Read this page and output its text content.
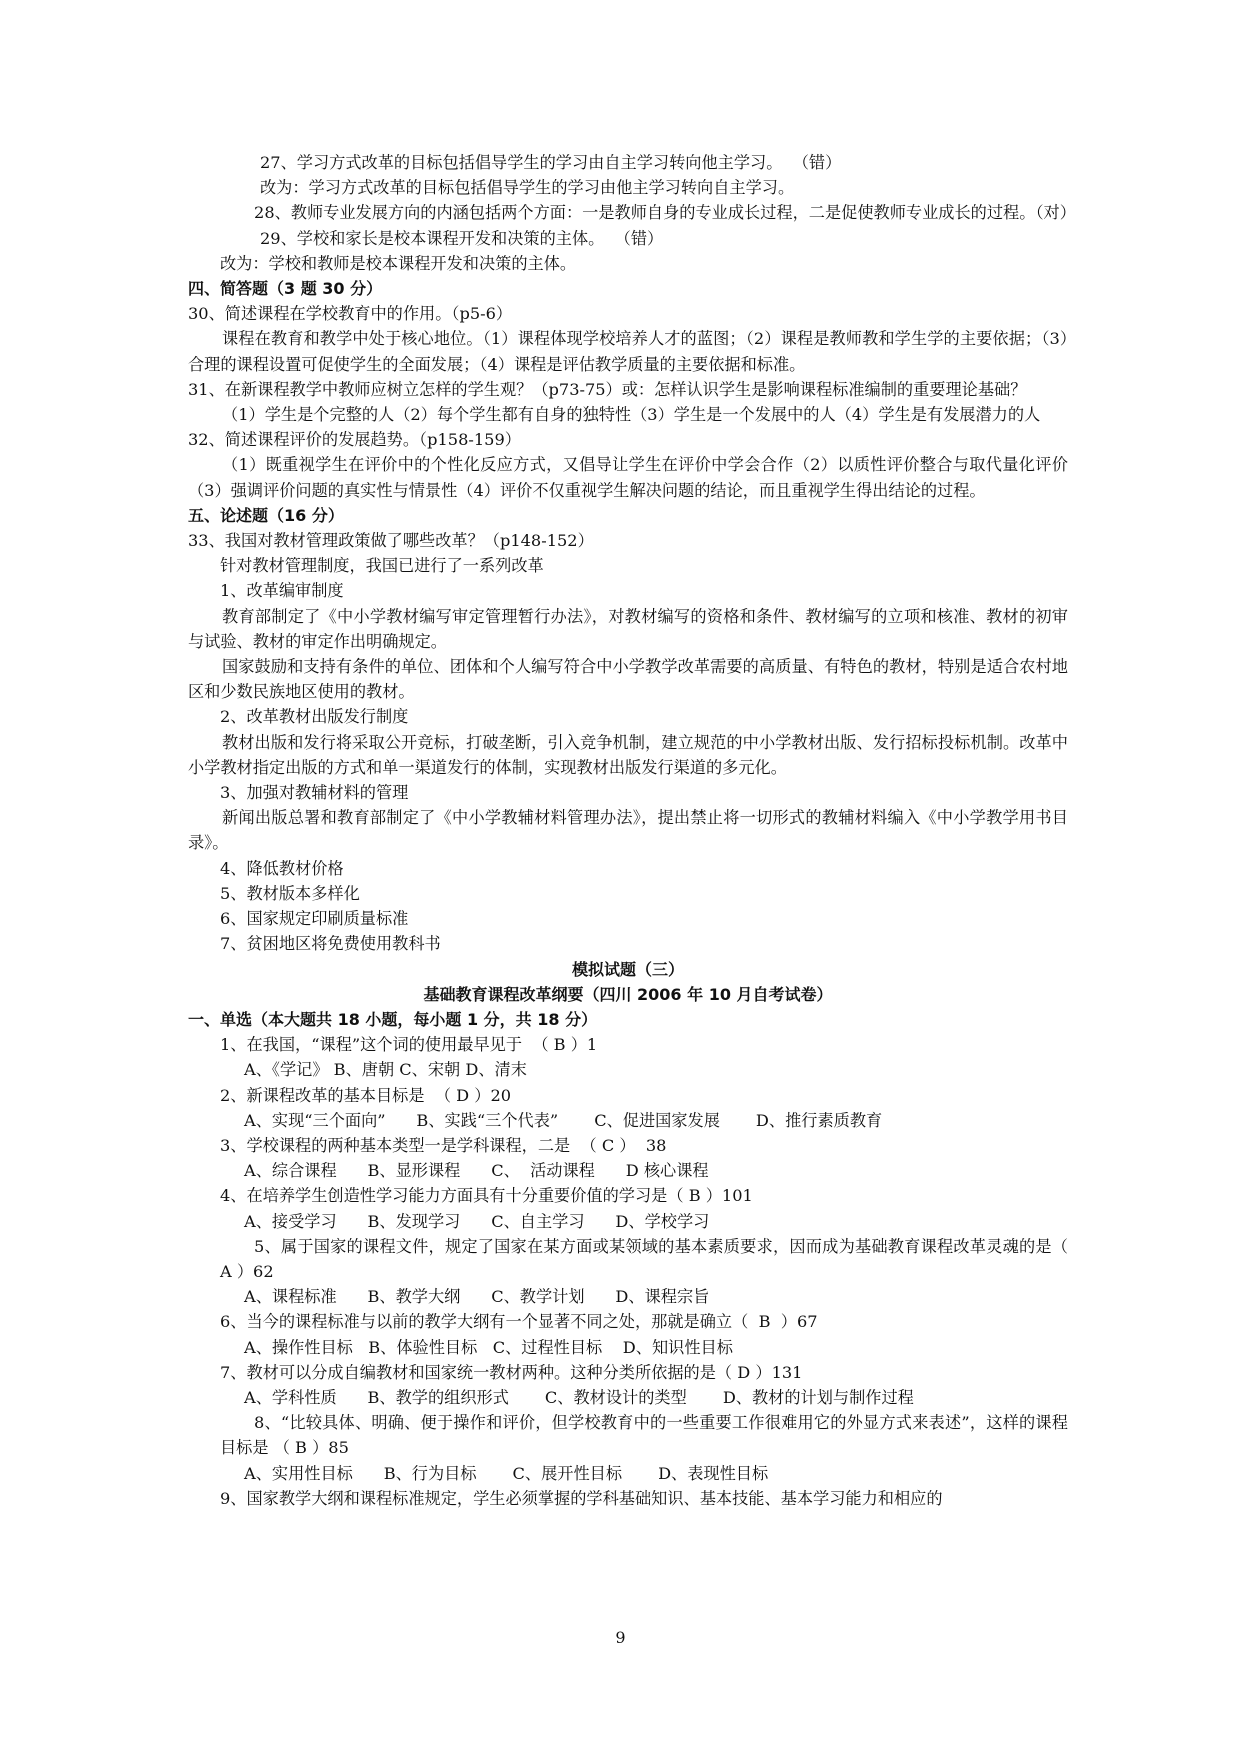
27、学习方式改革的目标包括倡导学生的学习由自主学习转向他主学习。  （错）
改为：学习方式改革的目标包括倡导学生的学习由他主学习转向自主学习。
28、教师专业发展方向的内涵包括两个方面：一是教师自身的专业成长过程，二是促使教师专业成长的过程。（对）
29、学校和家长是校本课程开发和决策的主体。  （错）
改为：学校和教师是校本课程开发和决策的主体。
四、简答题（3 题 30 分）
30、简述课程在学校教育中的作用。（p5-6）
课程在教育和教学中处于核心地位。（1）课程体现学校培养人才的蓝图；（2）课程是教师教和学生学的主要依据；（3）合理的课程设置可促使学生的全面发展；（4）课程是评估教学质量的主要依据和标准。
31、在新课程教学中教师应树立怎样的学生观？（p73-75）或：怎样认识学生是影响课程标准编制的重要理论基础？
（1）学生是个完整的人（2）每个学生都有自身的独特性（3）学生是一个发展中的人（4）学生是有发展潜力的人
32、简述课程评价的发展趋势。（p158-159）
（1）既重视学生在评价中的个性化反应方式，又倡导让学生在评价中学会合作（2）以质性评价整合与取代量化评价（3）强调评价问题的真实性与情景性（4）评价不仅重视学生解决问题的结论，而且重视学生得出结论的过程。
五、论述题（16 分）
33、我国对教材管理政策做了哪些改革？（p148-152）
针对教材管理制度，我国已进行了一系列改革
1、改革编审制度
教育部制定了《中小学教材编写审定管理暂行办法》，对教材编写的资格和条件、教材编写的立项和核准、教材的初审与试验、教材的审定作出明确规定。
国家鼓励和支持有条件的单位、团体和个人编写符合中小学教学改革需要的高质量、有特色的教材，特别是适合农村地区和少数民族地区使用的教材。
2、改革教材出版发行制度
教材出版和发行将采取公开竞标，打破垄断，引入竞争机制，建立规范的中小学教材出版、发行招标投标机制。改革中小学教材指定出版的方式和单一渠道发行的体制，实现教材出版发行渠道的多元化。
3、加强对教辅材料的管理
新闻出版总署和教育部制定了《中小学教辅材料管理办法》，提出禁止将一切形式的教辅材料编入《中小学教学用书目录》。
4、降低教材价格
5、教材版本多样化
6、国家规定印刷质量标准
7、贫困地区将免费使用教科书
模拟试题（三）
基础教育课程改革纲要（四川 2006 年 10 月自考试卷）
一、单选（本大题共 18 小题，每小题 1 分，共 18 分）
1、在我国，“课程”这个词的使用最早见于  （ B ）1
A、《学记》 B、唐朝 C、宋朝 D、清末
2、新课程改革的基本目标是  （ D ）20
A、实现“三个面向”      B、实践“三个代表”       C、促进国家发展       D、推行素质教育
3、学校课程的两种基本类型一是学科课程，二是  （ C ）  38
A、综合课程      B、显形课程      C、  活动课程      D 核心课程
4、在培养学生创造性学习能力方面具有十分重要价值的学习是（ B ）101
A、接受学习      B、发现学习      C、自主学习      D、学校学习
5、属于国家的课程文件，规定了国家在某方面或某领域的基本素质要求，因而成为基础教育课程改革灵魂的是（ A ）62
A、课程标准      B、教学大纲      C、教学计划      D、课程宗旨
6、当今的课程标准与以前的教学大纲有一个显著不同之处，那就是确立（  B  ）67
A、操作性目标   B、体验性目标   C、过程性目标    D、知识性目标
7、教材可以分成自编教材和国家统一教材两种。这种分类所依据的是（ D ）131
A、学科性质      B、教学的组织形式       C、教材设计的类型       D、教材的计划与制作过程
8、“比较具体、明确、便于操作和评价，但学校教育中的一些重要工作很难用它的外显方式来表述”，这样的课程目标是 （ B ）85
A、实用性目标      B、行为目标       C、展开性目标       D、表现性目标
9、国家教学大纲和课程标准规定，学生必须掌握的学科基础知识、基本技能、基本学习能力和相应的
9
